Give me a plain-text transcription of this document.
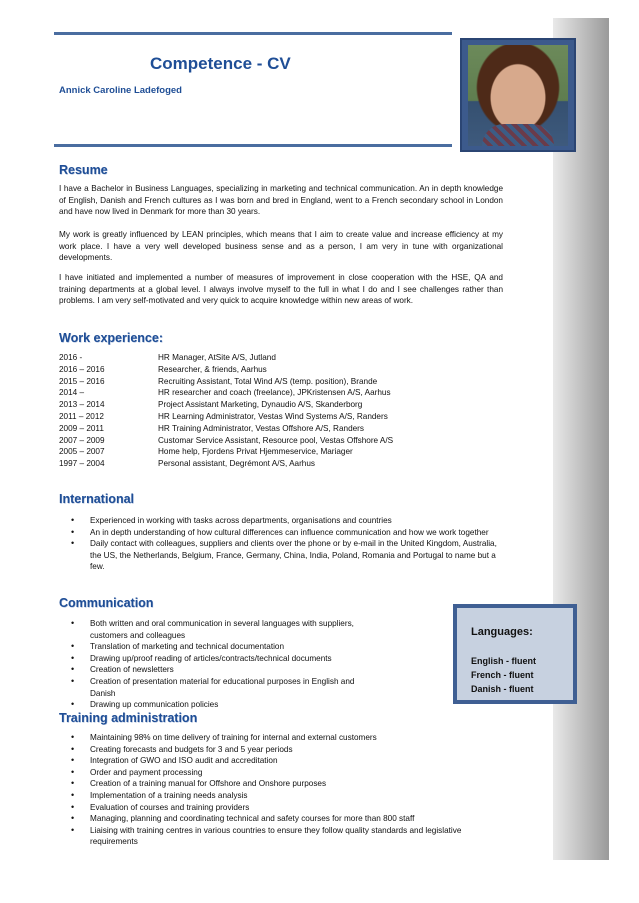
Competence - CV
Annick Caroline Ladefoged
Resume

I have a Bachelor in Business Languages, specializing in marketing and technical communication. An in depth knowledge of English, Danish and French cultures as I was born and bred in England, went to a French secondary school in London and have now lived in Denmark for more than 30 years.

My work is greatly influenced by LEAN principles, which means that I aim to create value and increase efficiency at my work place. I have a very well developed business sense and as a person, I am very in tune with organizational developments.

I have initiated and implemented a number of measures of improvement in close cooperation with the HSE, QA and training departments at a global level. I always involve myself to the full in what I do and I see challenges rather than problems. I am very self-motivated and very quick to acquire knowledge within new areas of work.

Work experience:
2016 -	HR Manager, AtSite A/S, Jutland
2016 – 2016	Researcher, & friends, Aarhus
2015 – 2016	Recruiting Assistant, Total Wind A/S (temp. position), Brande
2014 –	HR researcher and coach (freelance), JPKristensen A/S, Aarhus
2013 – 2014	Project Assistant Marketing, Dynaudio A/S, Skanderborg
2011 – 2012	HR Learning Administrator, Vestas Wind Systems A/S, Randers
2009 – 2011	HR Training Administrator, Vestas Offshore A/S, Randers
2007 – 2009	Customar Service Assistant, Resource pool, Vestas Offshore A/S
2005 – 2007	Home help, Fjordens Privat Hjemmeservice, Mariager
1997 – 2004	Personal assistant, Degrémont A/S, Aarhus
International
• Experienced in working with tasks across departments, organisations and countries
• An in depth understanding of how cultural differences can influence communication and how we work together
• Daily contact with colleagues, suppliers and clients over the phone or by e-mail in the United Kingdom, Australia, the US, the Netherlands, Belgium, France, Germany, China, India, Poland, Romania and Portugal to name but a few.
Communication
• Both written and oral communication in several languages with suppliers, customers and colleagues
• Translation of marketing and technical documentation
• Drawing up/proof reading of articles/contracts/technical documents
• Creation of newsletters
• Creation of presentation material for educational purposes in English and Danish
• Drawing up communication policies
Languages:
English - fluent
French - fluent
Danish - fluent
Training administration
• Maintaining 98% on time delivery of training for internal and external customers
• Creating forecasts and budgets for 3 and 5 year periods
• Integration of GWO and ISO audit and accreditation
• Order and payment processing
• Creation of a training manual for Offshore and Onshore purposes
• Implementation of a training needs analysis
• Evaluation of courses and training providers
• Managing, planning and coordinating technical and safety courses for more than 800 staff
• Liaising with training centres in various countries to ensure they follow quality standards and legislative requirements
